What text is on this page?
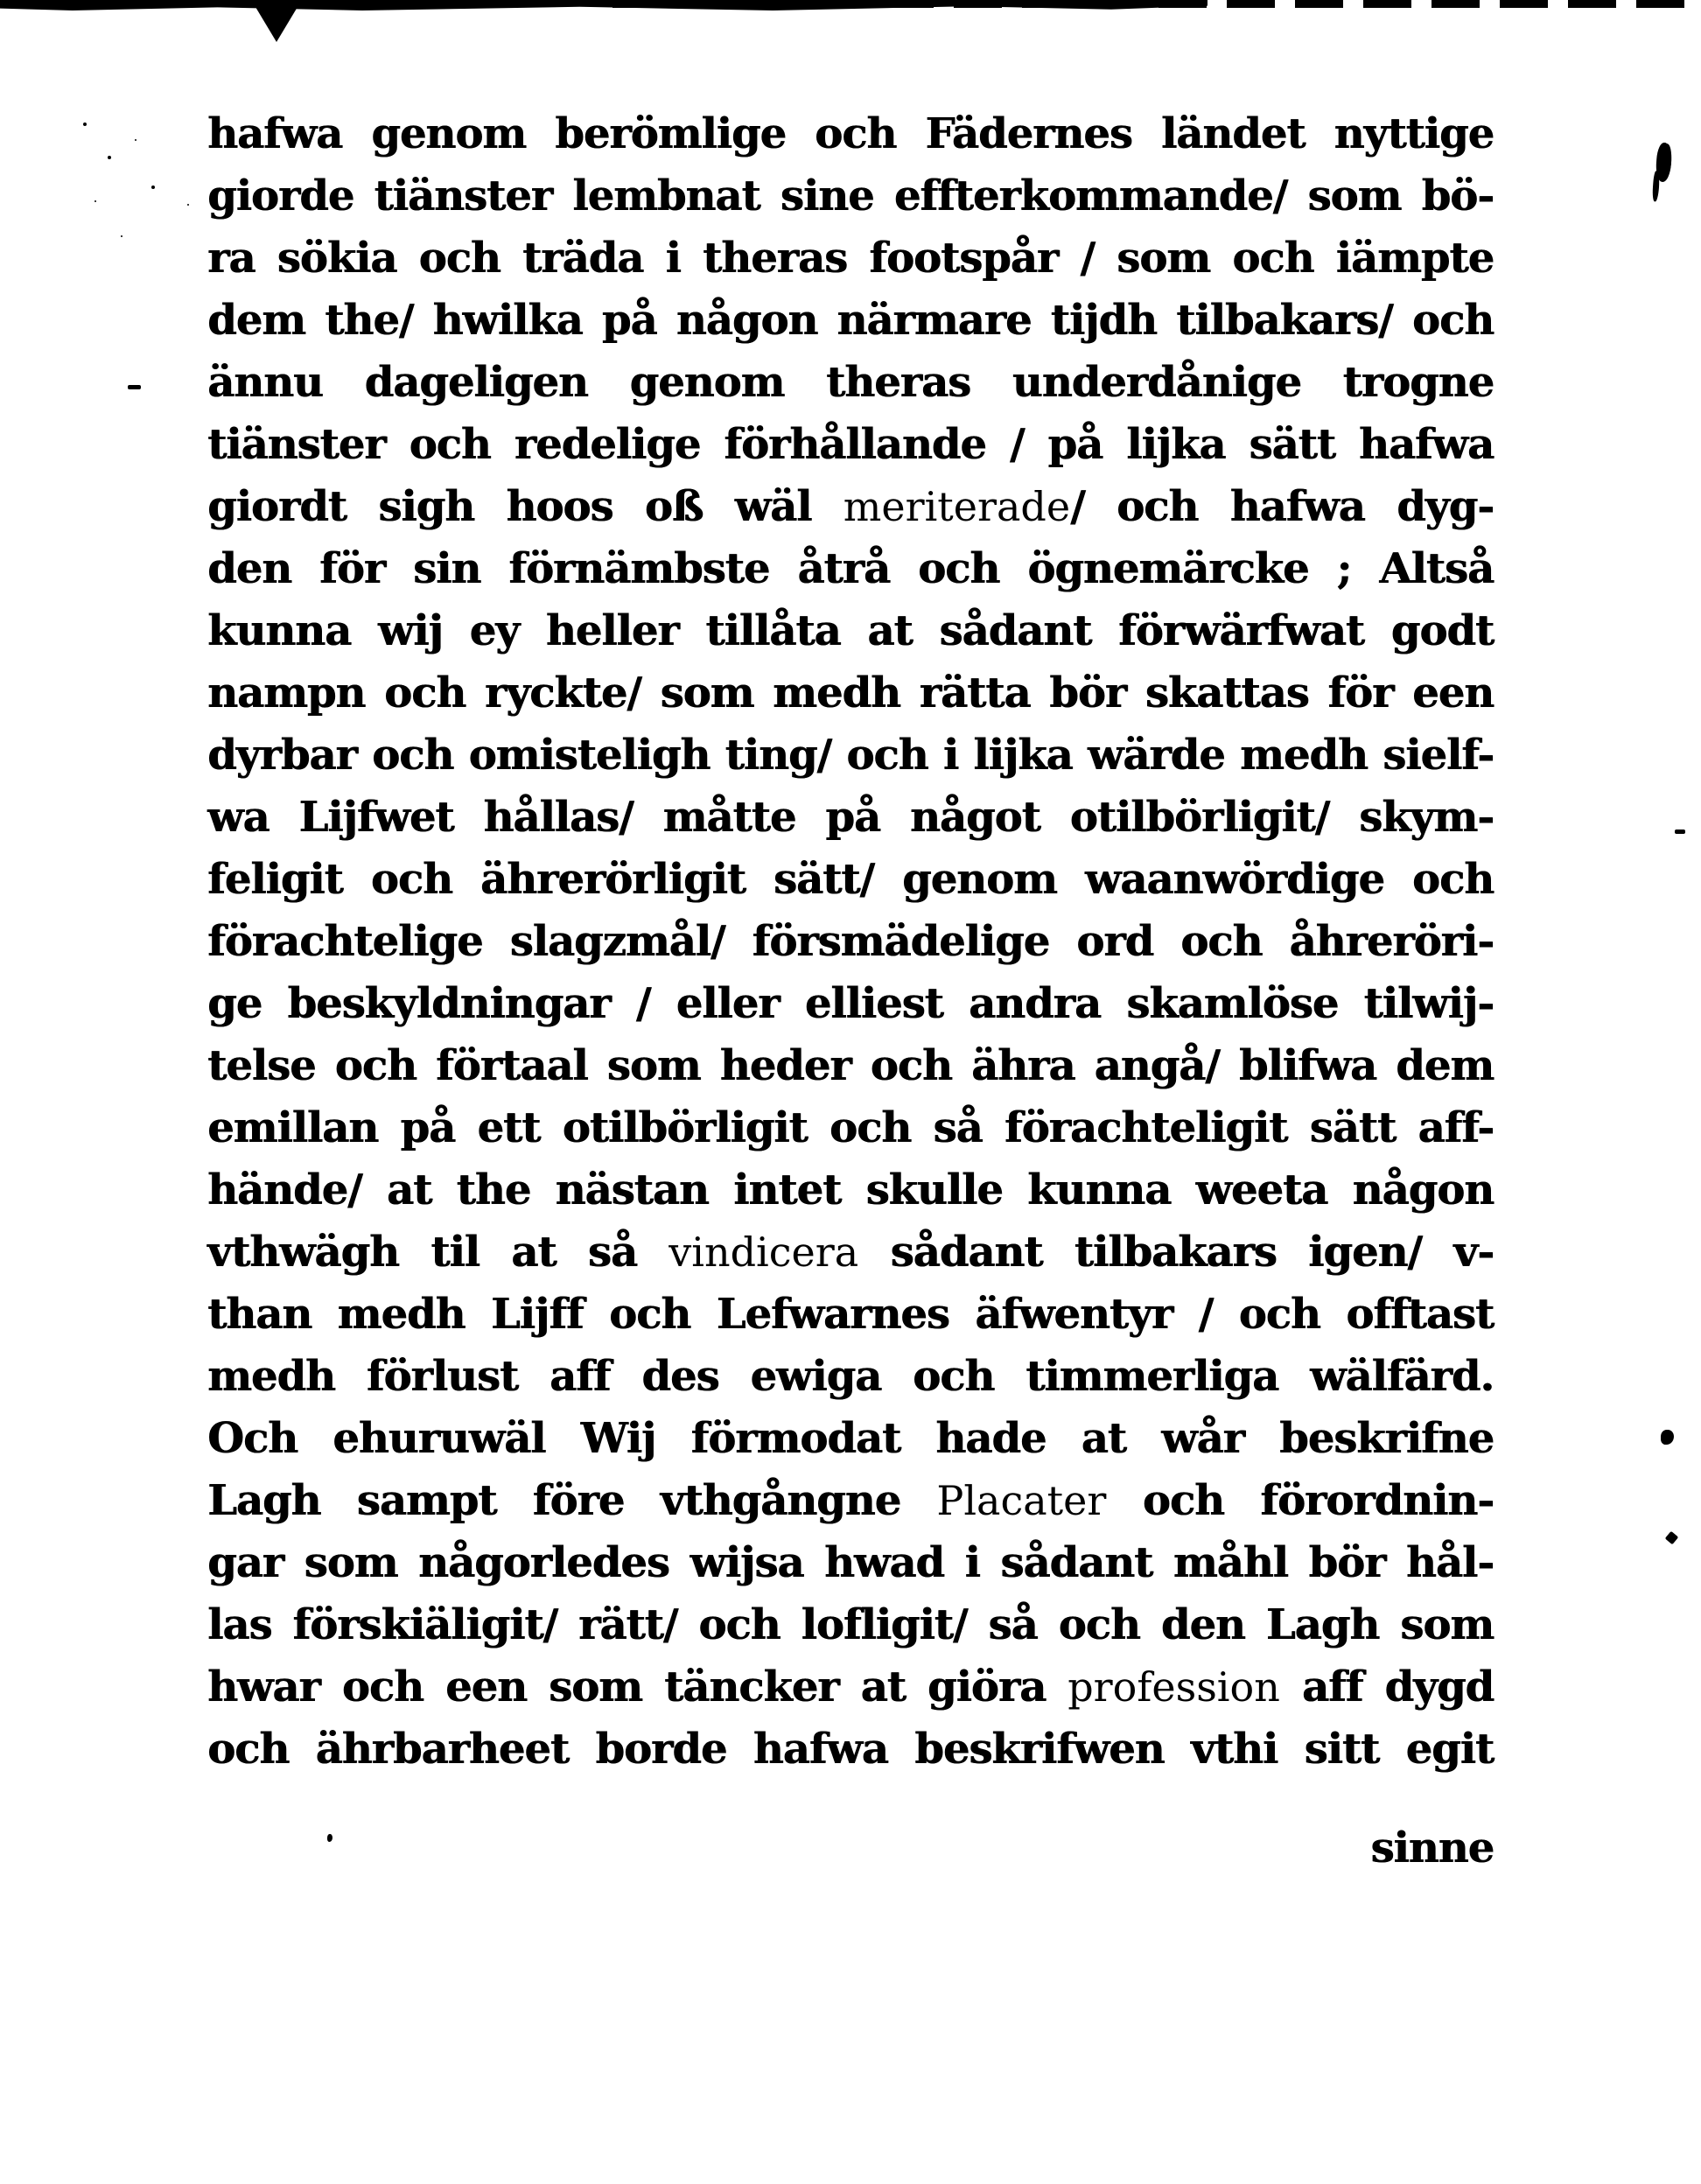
hafwa genom berömlige och Fädernes ländet nyttige
giorde tiänster lembnat sine effterkommande/ som bö-
ra sökia och träda i theras footspår / som och iämpte
dem the/ hwilka på någon närmare tijdh tilbakars/ och
ännu dageligen genom theras underdånige trogne
tiänster och redelige förhållande / på lijka sätt hafwa
giordt sigh hoos oß wäl meriterade/ och hafwa dyg-
den för sin förnämbste åtrå och ögnemärcke ; Altså
kunna wij ey heller tillåta at sådant förwärfwat godt
nampn och ryckte/ som medh rätta bör skattas för een
dyrbar och omisteligh ting/ och i lijka wärde medh sielf-
wa Lijfwet hållas/ måtte på något otilbörligit/ skym-
feligit och ährerörligit sätt/ genom waanwördige och
förachtelige slagzmål/ försmädelige ord och åhreröri-
ge beskyldningar / eller elliest andra skamlöse tilwij-
telse och förtaal som heder och ähra angå/ blifwa dem
emillan på ett otilbörligit och så förachteligit sätt aff-
hände/ at the nästan intet skulle kunna weeta någon
vthwägh til at så vindicera sådant tilbakars igen/ v-
than medh Lijff och Lefwarnes äfwentyr / och offtast
medh förlust aff des ewiga och timmerliga wälfärd.
Och ehuruwäl Wij förmodat hade at wår beskrifne
Lagh sampt före vthgångne Placater och förordnin-
gar som någorledes wijsa hwad i sådant måhl bör hål-
las förskiäligit/ rätt/ och lofligit/ så och den Lagh som
hwar och een som täncker at giöra profession aff dygd
och ährbarheet borde hafwa beskrifwen vthi sitt egit
sinne
